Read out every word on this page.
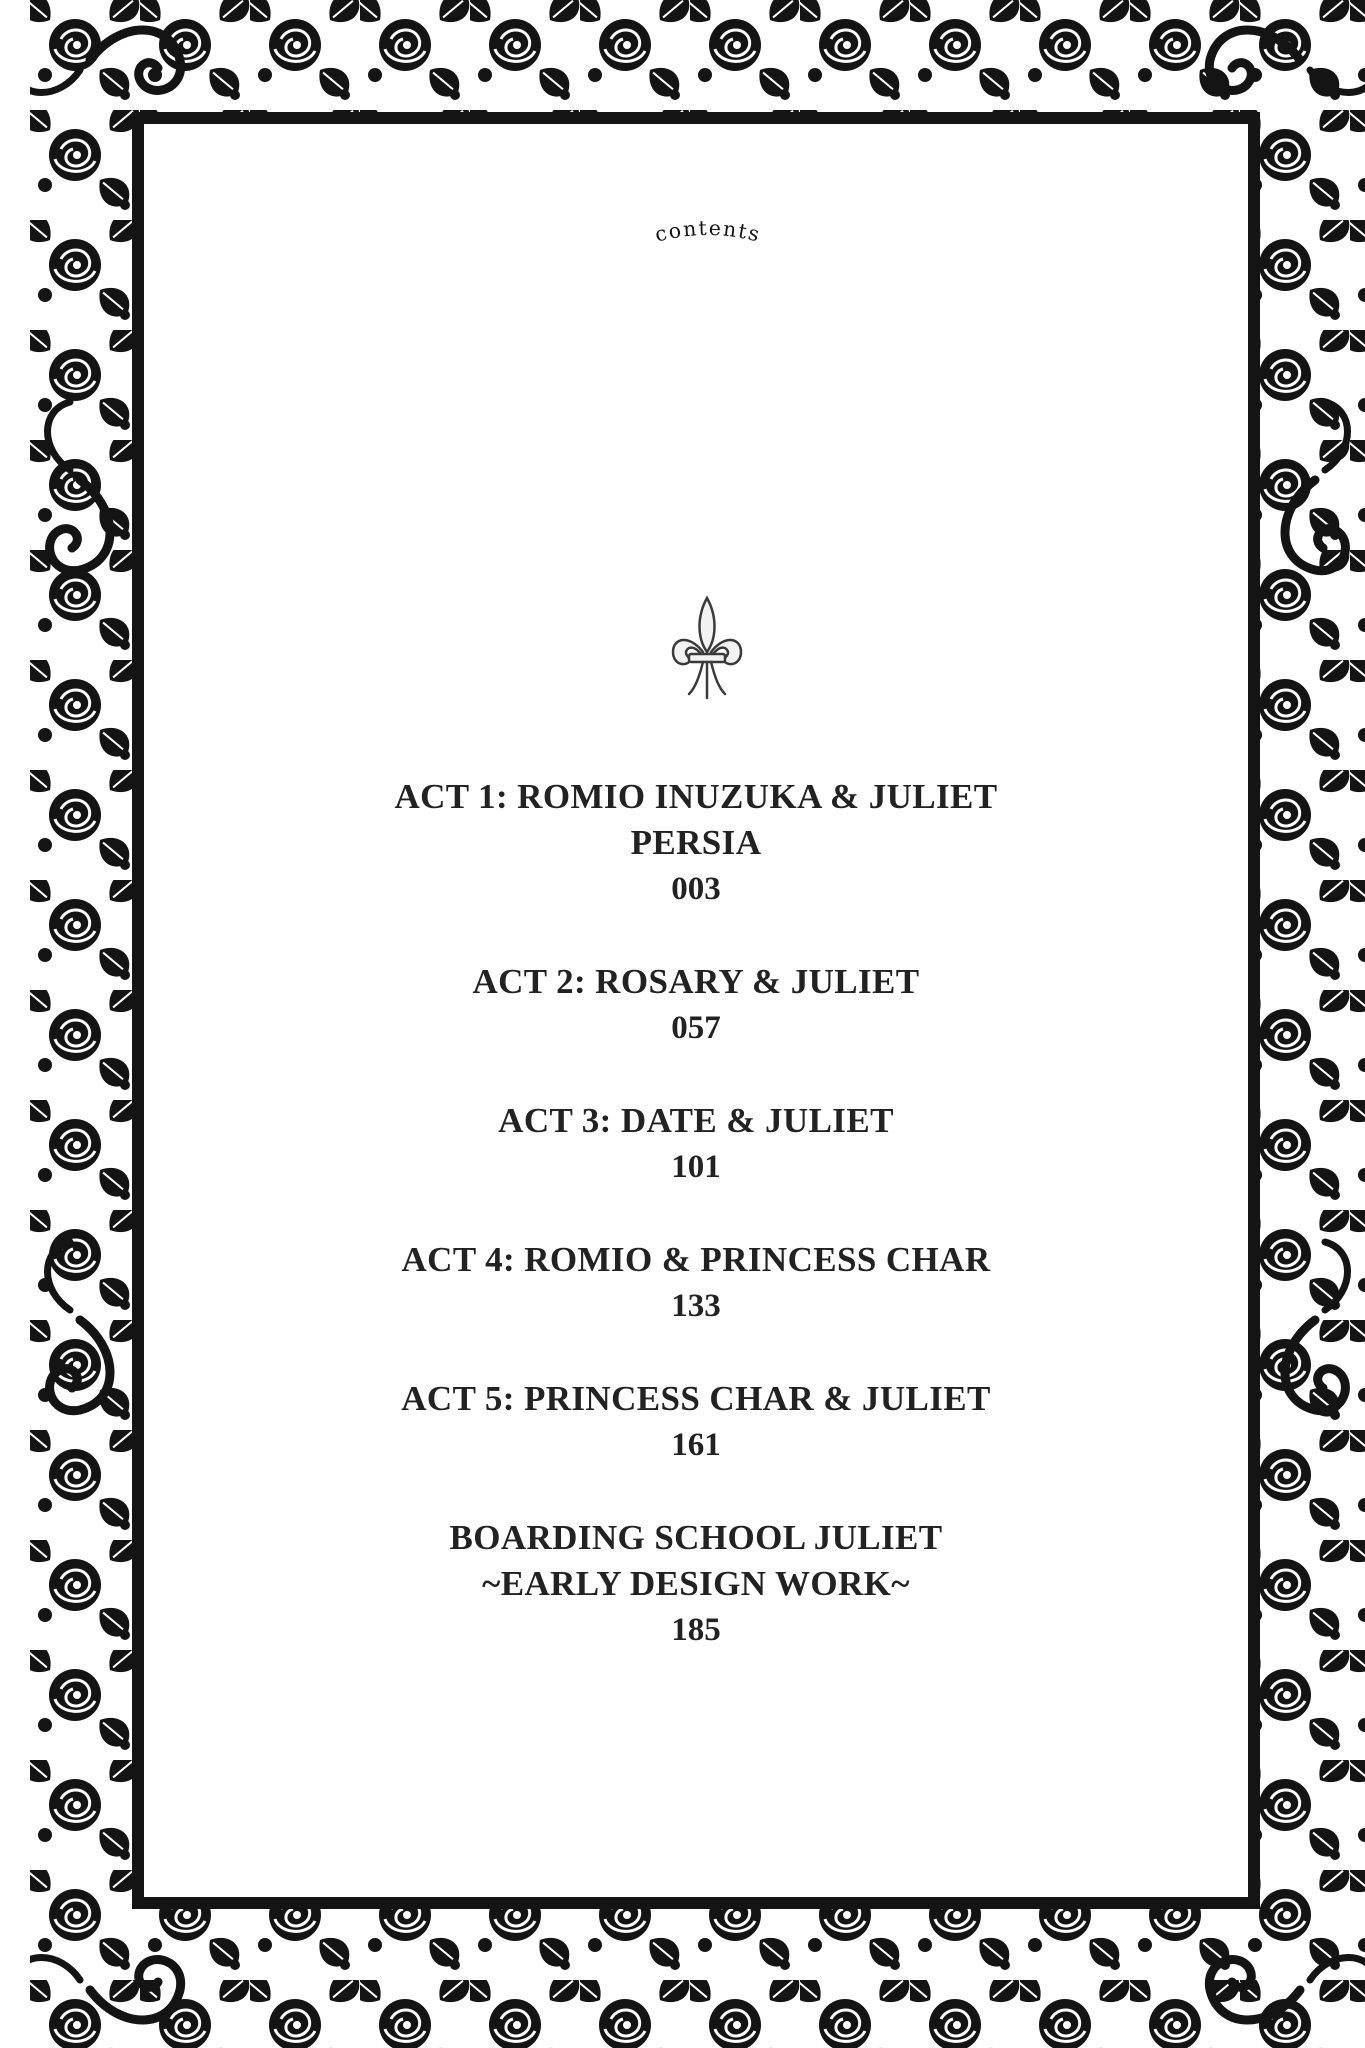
contents
ACT 1: ROMIO INUZUKA & JULIET
PERSIA
003
ACT 2: ROSARY & JULIET
057
ACT 3: DATE & JULIET
101
ACT 4: ROMIO & PRINCESS CHAR
133
ACT 5: PRINCESS CHAR & JULIET
161
BOARDING SCHOOL JULIET
~EARLY DESIGN WORK~
185
